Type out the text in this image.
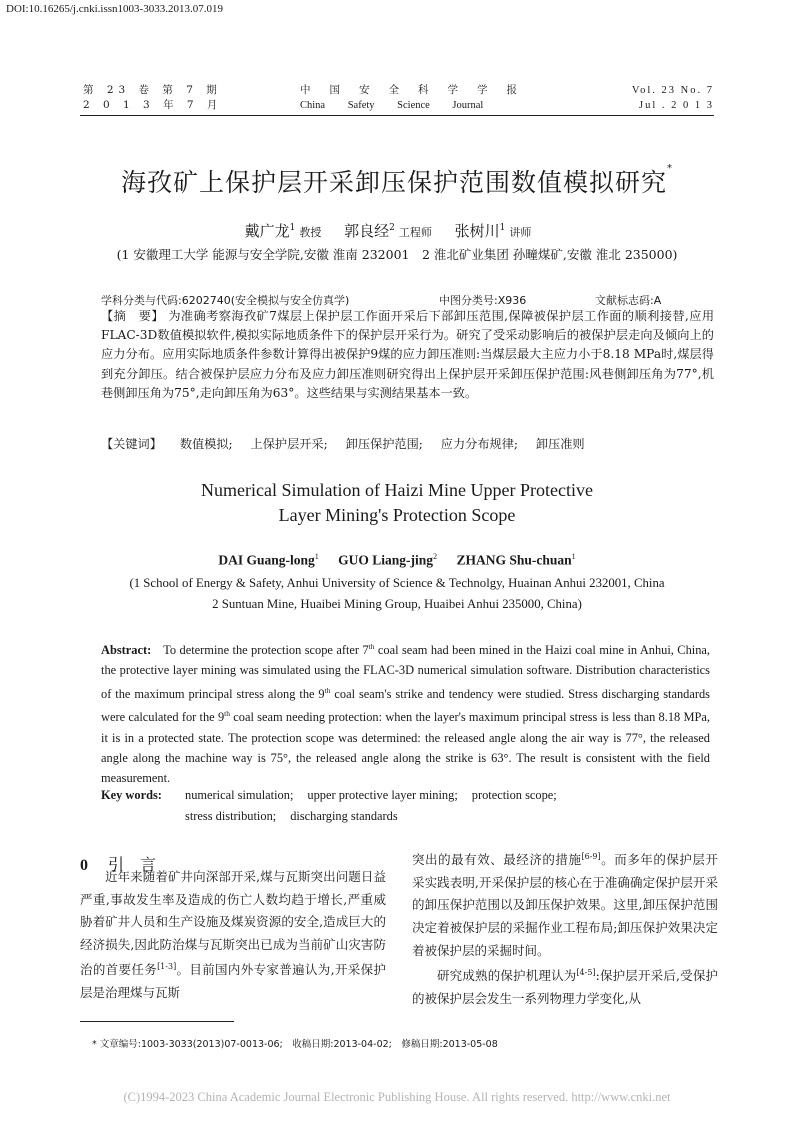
DOI:10.16265/j.cnki.issn1003-3033.2013.07.019
第 23 卷 第 7 期
2 0 1 3 年 7 月
中国安全科学学报
China Safety Science Journal
Vol. 23 No. 7
Jul . 2 0 1 3
海孜矿上保护层开采卸压保护范围数值模拟研究*
戴广龙$^1$ 教授 郭良经$^2$ 工程师 张树川$^1$ 讲师
(1 安徽理工大学 能源与安全学院,安徽 淮南 232001　2 淮北矿业集团 孙疃煤矿,安徽 淮北 235000)
学科分类与代码:6202740(安全模拟与安全仿真学)	中图分类号:X936	文献标志码:A
【摘　要】 为准确考察海孜矿7煤层上保护层工作面开采后下部卸压范围,保障被保护层工作面的顺利接替,应用FLAC-3D数值模拟软件,模拟实际地质条件下的保护层开采行为。研究了受采动影响后的被保护层走向及倾向上的应力分布。应用实际地质条件参数计算得出被保护9煤的应力卸压准则:当煤层最大主应力小于8.18 MPa时,煤层得到充分卸压。结合被保护层应力分布及应力卸压准则研究得出上保护层开采卸压保护范围:风巷侧卸压角为77°,机巷侧卸压角为75°,走向卸压角为63°。这些结果与实测结果基本一致。
【关键词】 数值模拟; 上保护层开采; 卸压保护范围; 应力分布规律; 卸压准则
Numerical Simulation of Haizi Mine Upper Protective
Layer Mining's Protection Scope
DAI Guang-long$^1$ GUO Liang-jing$^2$ ZHANG Shu-chuan$^1$
(1 School of Energy & Safety, Anhui University of Science & Technolgy, Huainan Anhui 232001, China
2 Suntuan Mine, Huaibei Mining Group, Huaibei Anhui 235000, China)
Abstract: To determine the protection scope after 7th coal seam had been mined in the Haizi coal mine in Anhui, China, the protective layer mining was simulated using the FLAC-3D numerical simulation software. Distribution characteristics of the maximum principal stress along the 9th coal seam's strike and tendency were studied. Stress discharging standards were calculated for the 9th coal seam needing protection: when the layer's maximum principal stress is less than 8.18 MPa, it is in a protected state. The protection scope was determined: the released angle along the air way is 77°, the released angle along the machine way is 75°, the released angle along the strike is 63°. The result is consistent with the field measurement.
Key words: numerical simulation; upper protective layer mining; protection scope;
stress distribution; discharging standards
0 引言

近年来随着矿井向深部开采,煤与瓦斯突出问题日益严重,事故发生率及造成的伤亡人数均趋于增长,严重威胁着矿井人员和生产设施及煤炭资源的安全,造成巨大的经济损失,因此防治煤与瓦斯突出已成为当前矿山灾害防治的首要任务[1-3]。目前国内外专家普遍认为,开采保护层是治理煤与瓦斯

突出的最有效、最经济的措施[6-9]。而多年的保护层开采实践表明,开采保护层的核心在于准确确定保护层开采的卸压保护范围以及卸压保护效果。这里,卸压保护范围决定着被保护层的采掘作业工程布局;卸压保护效果决定着被保护层的采掘时间。

研究成熟的保护机理认为[4-5]:保护层开采后,受保护的被保护层会发生一系列物理力学变化,从

* 文章编号:1003-3033(2013)07-0013-06;　收稿日期:2013-04-02;　修稿日期:2013-05-08
(C)1994-2023 China Academic Journal Electronic Publishing House. All rights reserved. http://www.cnki.net
